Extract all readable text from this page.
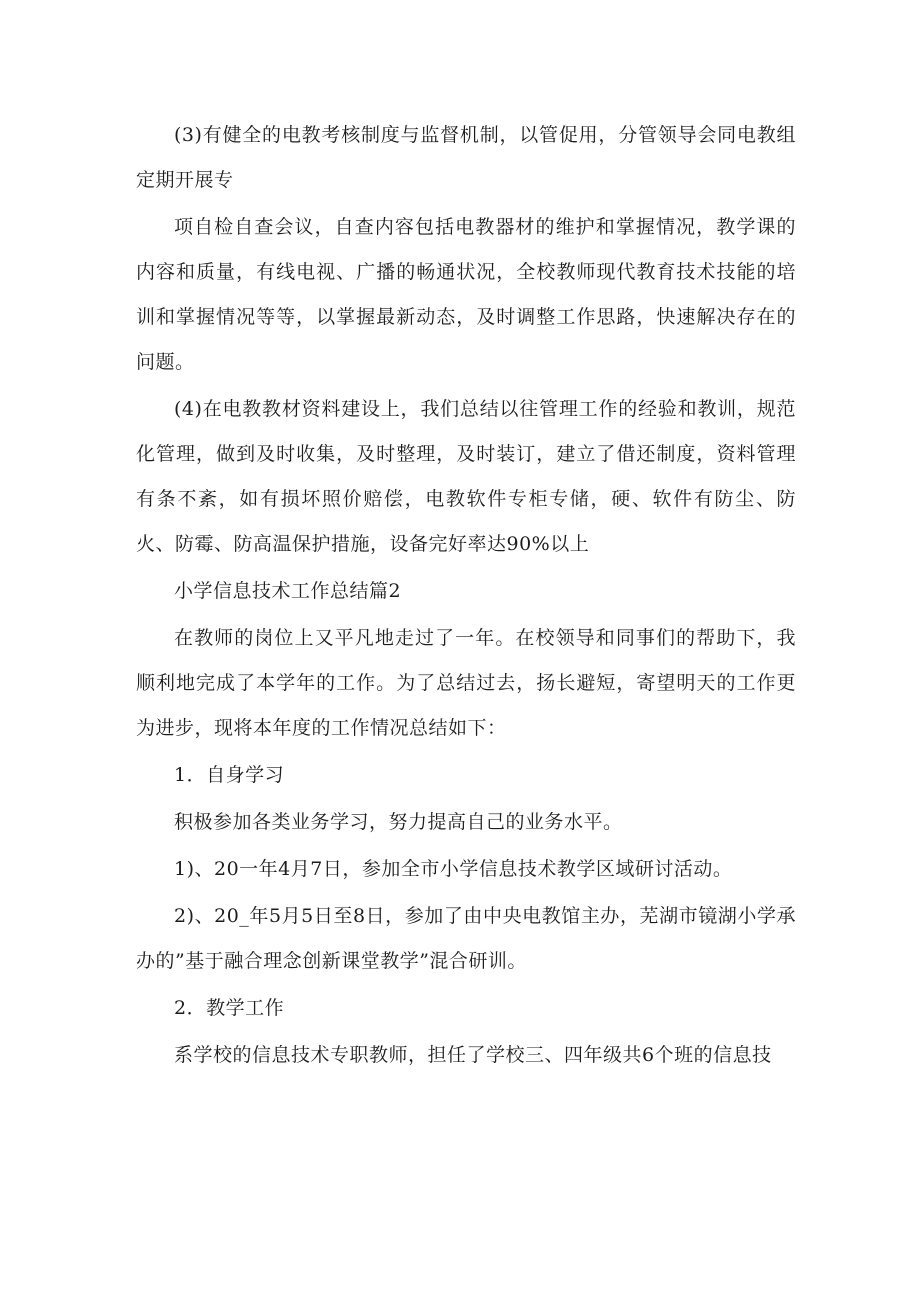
(3)有健全的电教考核制度与监督机制，以管促用，分管领导会同电教组定期开展专

项自检自查会议，自查内容包括电教器材的维护和掌握情况，教学课的内容和质量，有线电视、广播的畅通状况，全校教师现代教育技术技能的培训和掌握情况等等，以掌握最新动态，及时调整工作思路，快速解决存在的问题。

(4)在电教教材资料建设上，我们总结以往管理工作的经验和教训，规范化管理，做到及时收集，及时整理，及时装订，建立了借还制度，资料管理有条不紊，如有损坏照价赔偿，电教软件专柜专储，硬、软件有防尘、防火、防霉、防高温保护措施，设备完好率达90%以上

小学信息技术工作总结篇2

在教师的岗位上又平凡地走过了一年。在校领导和同事们的帮助下，我顺利地完成了本学年的工作。为了总结过去，扬长避短，寄望明天的工作更为进步，现将本年度的工作情况总结如下：

1．自身学习

积极参加各类业务学习，努力提高自己的业务水平。

1)、20一年4月7日，参加全市小学信息技术教学区域研讨活动。

2)、20_年5月5日至8日，参加了由中央电教馆主办，芜湖市镜湖小学承办的”基于融合理念创新课堂教学”混合研训。

2．教学工作

系学校的信息技术专职教师，担任了学校三、四年级共6个班的信息技
